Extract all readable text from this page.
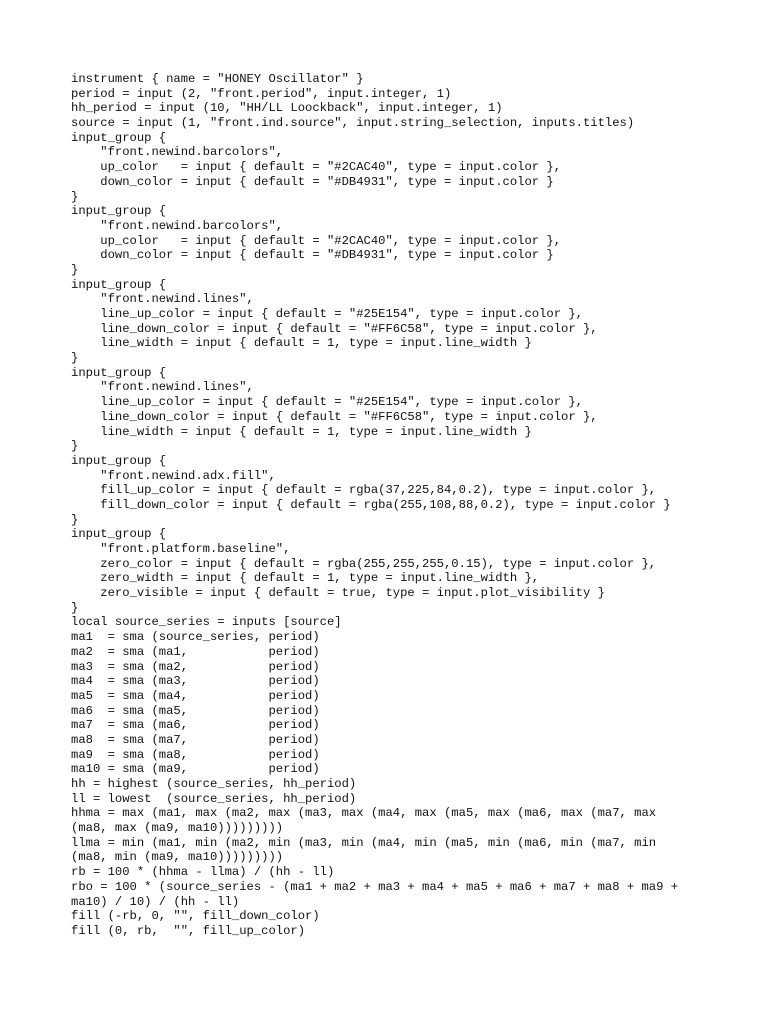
instrument { name = "HONEY Oscillator" }
period = input (2, "front.period", input.integer, 1)
hh_period = input (10, "HH/LL Loockback", input.integer, 1)
source = input (1, "front.ind.source", input.string_selection, inputs.titles)
input_group {
"front.newind.barcolors",
up_color   = input { default = "#2CAC40", type = input.color },
down_color = input { default = "#DB4931", type = input.color }
}
input_group {
"front.newind.barcolors",
up_color   = input { default = "#2CAC40", type = input.color },
down_color = input { default = "#DB4931", type = input.color }
}
input_group {
"front.newind.lines",
line_up_color = input { default = "#25E154", type = input.color },
line_down_color = input { default = "#FF6C58", type = input.color },
line_width = input { default = 1, type = input.line_width }
}
input_group {
"front.newind.lines",
line_up_color = input { default = "#25E154", type = input.color },
line_down_color = input { default = "#FF6C58", type = input.color },
line_width = input { default = 1, type = input.line_width }
}
input_group {
"front.newind.adx.fill",
fill_up_color = input { default = rgba(37,225,84,0.2), type = input.color },
fill_down_color = input { default = rgba(255,108,88,0.2), type = input.color }
}
input_group {
"front.platform.baseline",
zero_color = input { default = rgba(255,255,255,0.15), type = input.color },
zero_width = input { default = 1, type = input.line_width },
zero_visible = input { default = true, type = input.plot_visibility }
}
local source_series = inputs [source]
ma1  = sma (source_series, period)
ma2  = sma (ma1,           period)
ma3  = sma (ma2,           period)
ma4  = sma (ma3,           period)
ma5  = sma (ma4,           period)
ma6  = sma (ma5,           period)
ma7  = sma (ma6,           period)
ma8  = sma (ma7,           period)
ma9  = sma (ma8,           period)
ma10 = sma (ma9,           period)
hh = highest (source_series, hh_period)
ll = lowest  (source_series, hh_period)
hhma = max (ma1, max (ma2, max (ma3, max (ma4, max (ma5, max (ma6, max (ma7, max
(ma8, max (ma9, ma10)))))))))
llma = min (ma1, min (ma2, min (ma3, min (ma4, min (ma5, min (ma6, min (ma7, min
(ma8, min (ma9, ma10)))))))))
rb = 100 * (hhma - llma) / (hh - ll)
rbo = 100 * (source_series - (ma1 + ma2 + ma3 + ma4 + ma5 + ma6 + ma7 + ma8 + ma9 +
ma10) / 10) / (hh - ll)
fill (-rb, 0, "", fill_down_color)
fill (0, rb,  "", fill_up_color)
